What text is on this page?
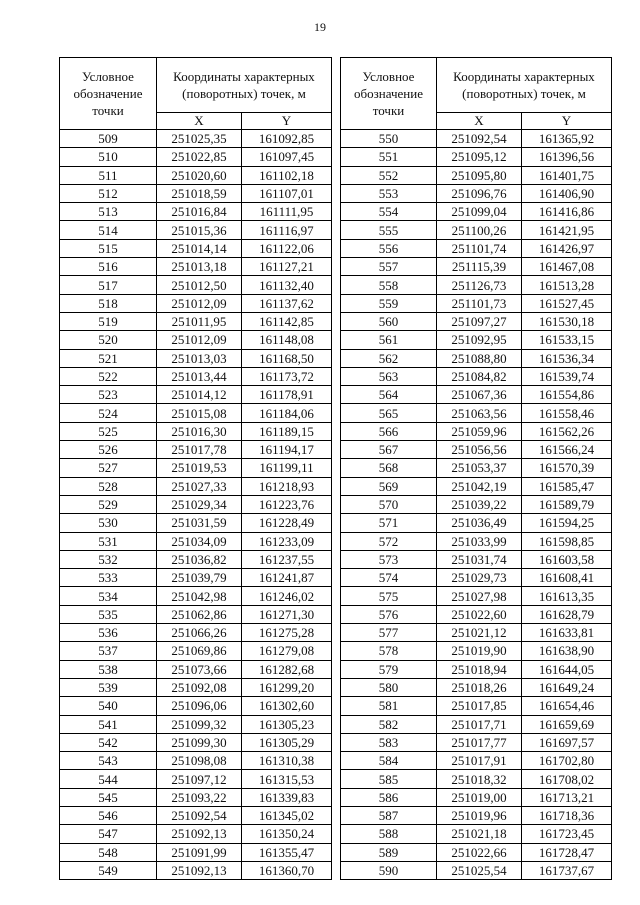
19
Условное обозначение точки	Координаты характерных (поворотных) точек, м	
	X	Y
509	251025,35	161092,85
510	251022,85	161097,45
511	251020,60	161102,18
512	251018,59	161107,01
513	251016,84	161111,95
514	251015,36	161116,97
515	251014,14	161122,06
516	251013,18	161127,21
517	251012,50	161132,40
518	251012,09	161137,62
519	251011,95	161142,85
520	251012,09	161148,08
521	251013,03	161168,50
522	251013,44	161173,72
523	251014,12	161178,91
524	251015,08	161184,06
525	251016,30	161189,15
526	251017,78	161194,17
527	251019,53	161199,11
528	251027,33	161218,93
529	251029,34	161223,76
530	251031,59	161228,49
531	251034,09	161233,09
532	251036,82	161237,55
533	251039,79	161241,87
534	251042,98	161246,02
535	251062,86	161271,30
536	251066,26	161275,28
537	251069,86	161279,08
538	251073,66	161282,68
539	251092,08	161299,20
540	251096,06	161302,60
541	251099,32	161305,23
542	251099,30	161305,29
543	251098,08	161310,38
544	251097,12	161315,53
545	251093,22	161339,83
546	251092,54	161345,02
547	251092,13	161350,24
548	251091,99	161355,47
549	251092,13	161360,70
Условное обозначение точки	Координаты характерных (поворотных) точек, м	
	X	Y
550	251092,54	161365,92
551	251095,12	161396,56
552	251095,80	161401,75
553	251096,76	161406,90
554	251099,04	161416,86
555	251100,26	161421,95
556	251101,74	161426,97
557	251115,39	161467,08
558	251126,73	161513,28
559	251101,73	161527,45
560	251097,27	161530,18
561	251092,95	161533,15
562	251088,80	161536,34
563	251084,82	161539,74
564	251067,36	161554,86
565	251063,56	161558,46
566	251059,96	161562,26
567	251056,56	161566,24
568	251053,37	161570,39
569	251042,19	161585,47
570	251039,22	161589,79
571	251036,49	161594,25
572	251033,99	161598,85
573	251031,74	161603,58
574	251029,73	161608,41
575	251027,98	161613,35
576	251022,60	161628,79
577	251021,12	161633,81
578	251019,90	161638,90
579	251018,94	161644,05
580	251018,26	161649,24
581	251017,85	161654,46
582	251017,71	161659,69
583	251017,77	161697,57
584	251017,91	161702,80
585	251018,32	161708,02
586	251019,00	161713,21
587	251019,96	161718,36
588	251021,18	161723,45
589	251022,66	161728,47
590	251025,54	161737,67
